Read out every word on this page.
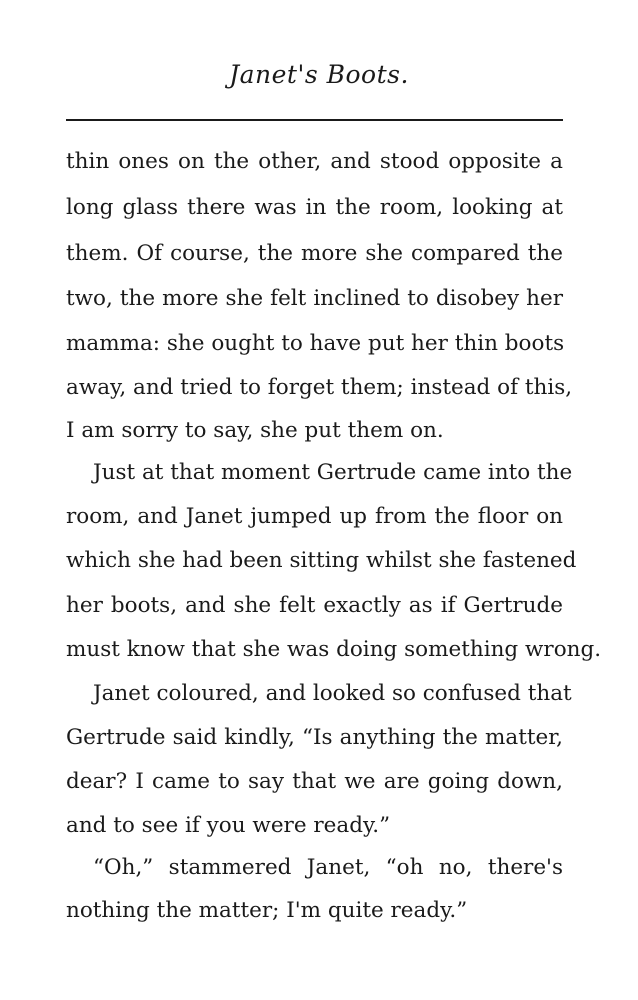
Janet's Boots.
thin ones on the other, and stood opposite a
long glass there was in the room, looking at
them. Of course, the more she compared the
two, the more she felt inclined to disobey her
mamma: she ought to have put her thin boots
away, and tried to forget them; instead of this,
I am sorry to say, she put them on.
Just at that moment Gertrude came into the
room, and Janet jumped up from the floor on
which she had been sitting whilst she fastened
her boots, and she felt exactly as if Gertrude
must know that she was doing something wrong.
Janet coloured, and looked so confused that
Gertrude said kindly, “Is anything the matter,
dear? I came to say that we are going down,
and to see if you were ready.”
“Oh,” stammered Janet, “oh no, there's
nothing the matter; I'm quite ready.”
